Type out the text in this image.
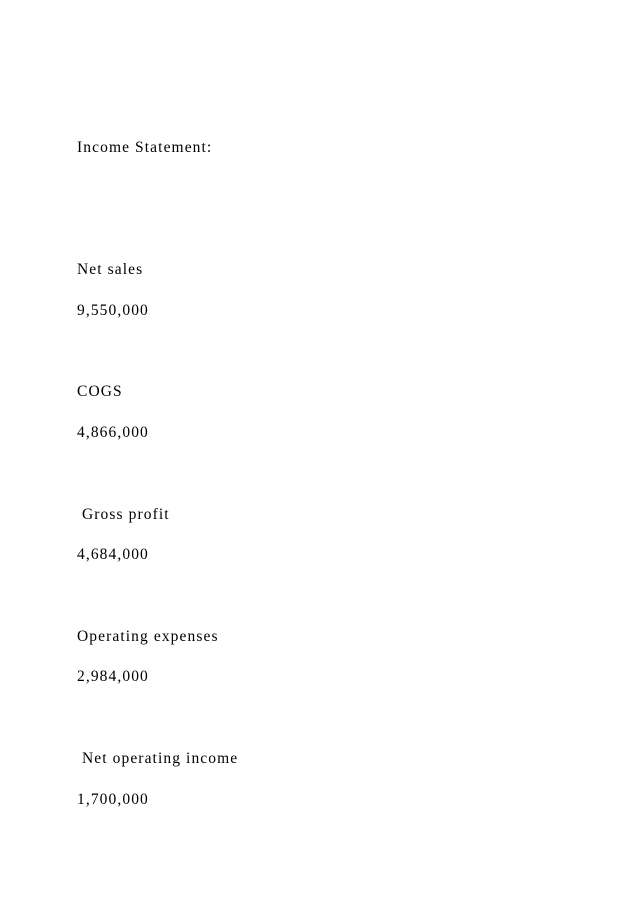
Income Statement:

Net sales

9,550,000

COGS

4,866,000

Gross profit

4,684,000

Operating expenses

2,984,000

Net operating income

1,700,000
